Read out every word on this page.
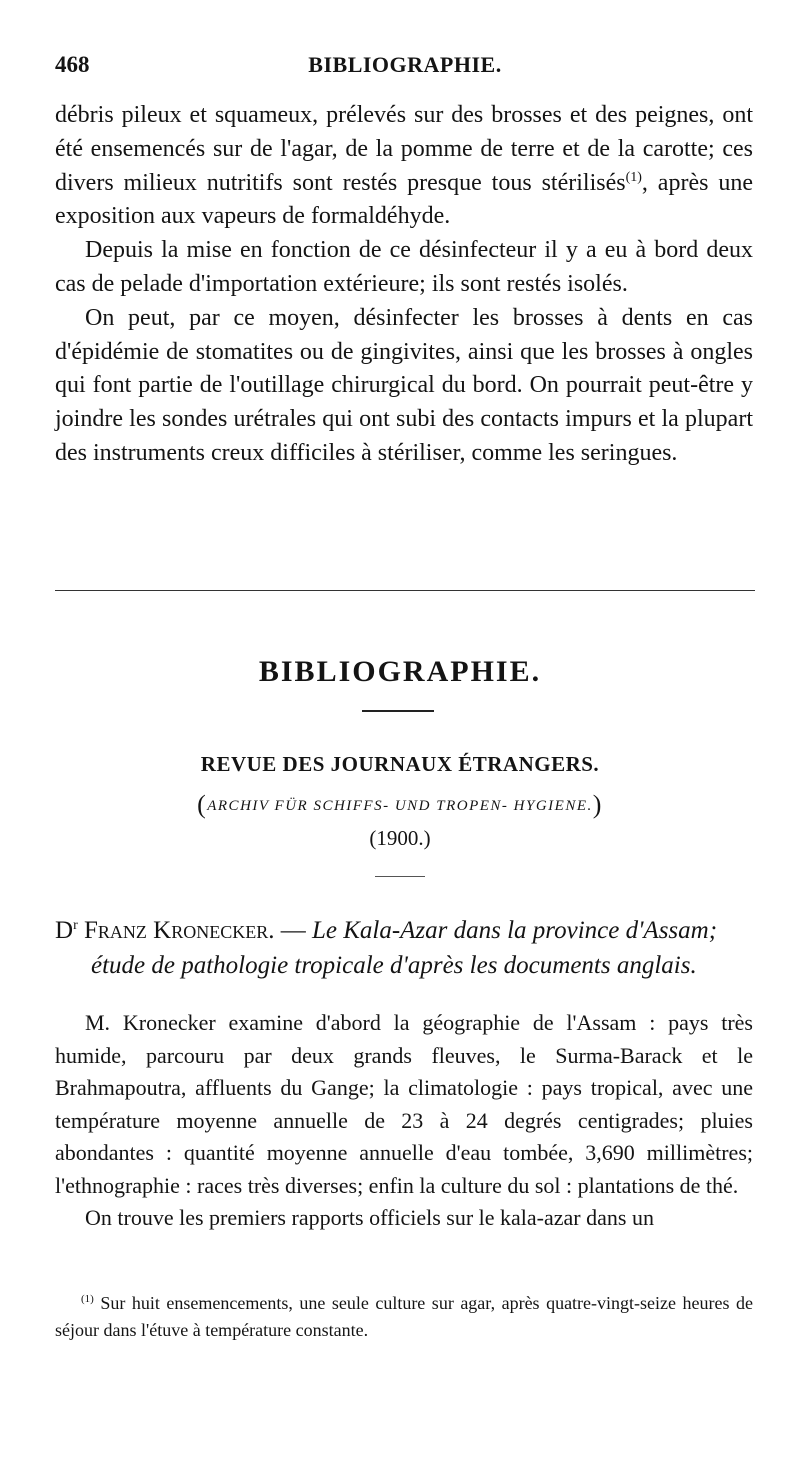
468	BIBLIOGRAPHIE.

débris pileux et squameux, prélevés sur des brosses et des peignes, ont été ensemencés sur de l'agar, de la pomme de terre et de la carotte; ces divers milieux nutritifs sont restés presque tous stérilisés$^{(1)}$, après une exposition aux vapeurs de formaldéhyde.

Depuis la mise en fonction de ce désinfecteur il y a eu à bord deux cas de pelade d'importation extérieure; ils sont restés isolés.

On peut, par ce moyen, désinfecter les brosses à dents en cas d'épidémie de stomatites ou de gingivites, ainsi que les brosses à ongles qui font partie de l'outillage chirurgical du bord. On pourrait peut-être y joindre les sondes urétrales qui ont subi des contacts impurs et la plupart des instruments creux difficiles à stériliser, comme les seringues.

BIBLIOGRAPHIE.
REVUE DES JOURNAUX ÉTRANGERS.
(ARCHIV FÜR SCHIFFS- UND TROPEN- HYGIENE.)
(1900.)
$D^r$ Franz Kronecker. — Le Kala-Azar dans la province d'Assam;
étude de pathologie tropicale d'après les documents anglais.

M. Kronecker examine d'abord la géographie de l'Assam : pays très humide, parcouru par deux grands fleuves, le Surma-Barack et le Brahmapoutra, affluents du Gange; la climatologie : pays tropical, avec une température moyenne annuelle de 23 à 24 degrés centigrades; pluies abondantes : quantité moyenne annuelle d'eau tombée, 3,690 millimètres; l'ethnographie : races très diverses; enfin la culture du sol : plantations de thé.

On trouve les premiers rapports officiels sur le kala-azar dans un

$^{(1)}$ Sur huit ensemencements, une seule culture sur agar, après quatre-vingt-seize heures de séjour dans l'étuve à température constante.
